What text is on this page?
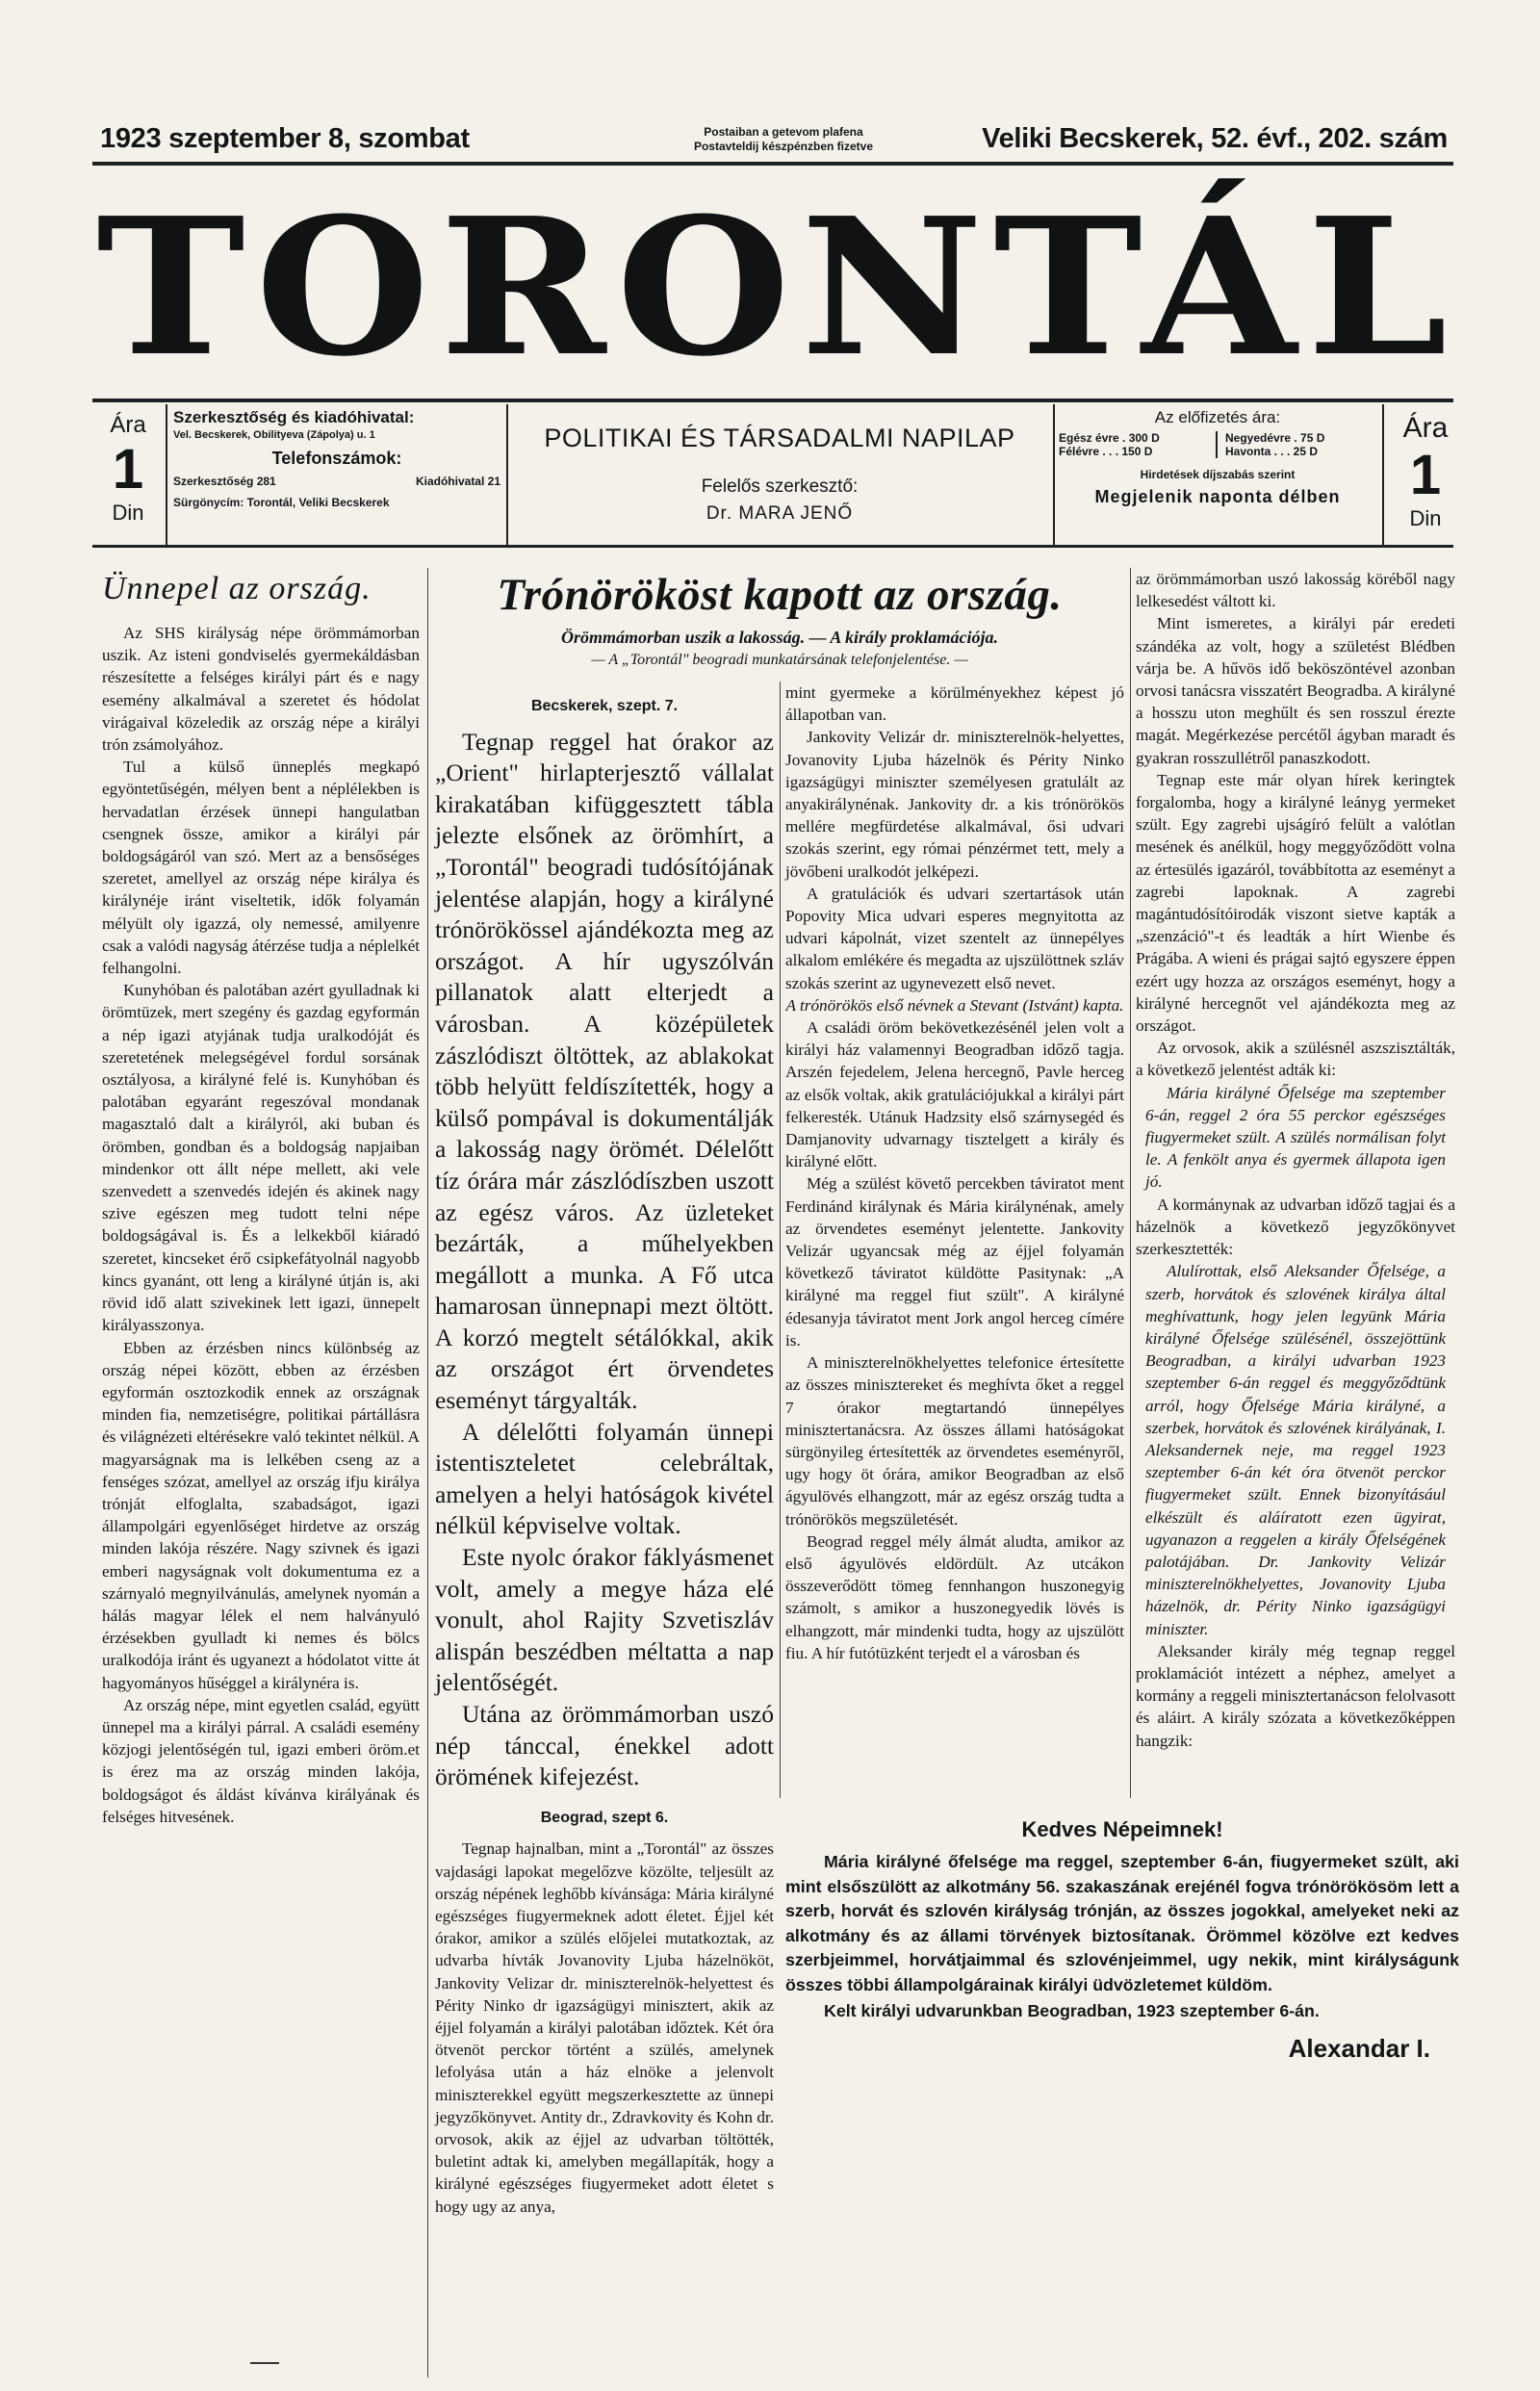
1923 szeptember 8, szombat	Postaiban a getevom plafena
Postavteldij készpénzben fizetve	Veliki Becskerek, 52. évf., 202. szám
TORONTÁL
Ára
1
Din
Szerkesztőség és kiadóhivatal:
Vel. Becskerek, Obilityeva (Zápolya) u. 1
Telefonszámok:
Szerkesztőség 281	Kiadóhivatal 21
Sürgönycím: Torontál, Veliki Becskerek
POLITIKAI ÉS TÁRSADALMI NAPILAP
Felelős szerkesztő:
Dr. MARA JENŐ
Az előfizetés ára:
Egész évre . 300 D	Negyedévre . 75 D
Félévre . . . 150 D	Havonta . . . 25 D
Hirdetések díjszabás szerint
Megjelenik naponta délben
Ára
1
Din

Ünnepel az ország.

Az SHS királyság népe örömmámorban uszik. Az isteni gondviselés gyermekáldásban részesítette a felséges királyi párt és e nagy esemény alkalmával a szeretet és hódolat virágaival közeledik az ország népe a királyi trón zsámolyához.

Tul a külső ünneplés megkapó egyöntetűségén, mélyen bent a néplélekben is hervadatlan érzések ünnepi hangulatban csengnek össze, amikor a királyi pár boldogságáról van szó. Mert az a bensőséges szeretet, amellyel az ország népe királya és királynéje iránt viseltetik, idők folyamán mélyült oly igazzá, oly nemessé, amilyenre csak a valódi nagyság átérzése tudja a néplelkét felhangolni.

Kunyhóban és palotában azért gyulladnak ki örömtüzek, mert szegény és gazdag egyformán a nép igazi atyjának tudja uralkodóját és szeretetének melegségével fordul sorsának osztályosa, a királyné felé is. Kunyhóban és palotában egyaránt regeszóval mondanak magasztaló dalt a királyról, aki buban és örömben, gondban és a boldogság napjaiban mindenkor ott állt népe mellett, aki vele szenvedett a szenvedés idején és akinek nagy szive egészen meg tudott telni népe boldogságával is. És a lelkekből kiáradó szeretet, kincseket érő csipkefátyolnál nagyobb kincs gyanánt, ott leng a királyné útján is, aki rövid idő alatt szivekinek lett igazi, ünnepelt királyasszonya.

Ebben az érzésben nincs különbség az ország népei között, ebben az érzésben egyformán osztozkodik ennek az országnak minden fia, nemzetiségre, politikai pártállásra és világnézeti eltérésekre való tekintet nélkül. A magyarságnak ma is lelkében cseng az a fenséges szózat, amellyel az ország ifju királya trónját elfoglalta, szabadságot, igazi állampolgári egyenlőséget hirdetve az ország minden lakója részére. Nagy szivnek és igazi emberi nagyságnak volt dokumentuma ez a szárnyaló megnyilvánulás, amelynek nyomán a hálás magyar lélek el nem halványuló érzésekben gyulladt ki nemes és bölcs uralkodója iránt és ugyanezt a hódolatot vitte át hagyományos hűséggel a királynéra is.

Az ország népe, mint egyetlen család, együtt ünnepel ma a királyi párral. A családi esemény közjogi jelentőségén tul, igazi emberi öröm.et is érez ma az ország minden lakója, boldogságot és áldást kívánva királyának és felséges hitvesének.

Trónörököst kapott az ország.
Örömmámorban uszik a lakosság. — A király proklamációja.
— A „Torontál" beogradi munkatársának telefonjelentése. —
Becskerek, szept. 7.

Tegnap reggel hat órakor az „Orient" hirlapterjesztő vállalat kirakatában kifüggesztett tábla jelezte elsőnek az örömhírt, a „Torontál" beogradi tudósítójának jelentése alapján, hogy a királyné trónörökössel ajándékozta meg az országot. A hír ugyszólván pillanatok alatt elterjedt a városban. A középületek zászlódiszt öltöttek, az ablakokat több helyütt feldíszítették, hogy a külső pompával is dokumentálják a lakosság nagy örömét. Délelőtt tíz órára már zászlódíszben uszott az egész város. Az üzleteket bezárták, a műhelyekben megállott a munka. A Fő utca hamarosan ünnepnapi mezt öltött. A korzó megtelt sétálókkal, akik az országot ért örvendetes eseményt tárgyalták.

A délelőtti folyamán ünnepi istentiszteletet celebráltak, amelyen a helyi hatóságok kivétel nélkül képviselve voltak.

Este nyolc órakor fáklyásmenet volt, amely a megye háza elé vonult, ahol Rajity Szvetiszláv alispán beszédben méltatta a nap jelentőségét.

Utána az örömmámorban uszó nép tánccal, énekkel adott örömének kifejezést.

Beograd, szept 6.

Tegnap hajnalban, mint a „Torontál" az összes vajdasági lapokat megelőzve közölte, teljesült az ország népének leghőbb kívánsága: Mária királyné egészséges fiugyermeknek adott életet. Éjjel két órakor, amikor a szülés előjelei mutatkoztak, az udvarba hívták Jovanovity Ljuba házelnököt, Jankovity Velizar dr. miniszterelnök-helyettest és Périty Ninko dr igazságügyi minisztert, akik az éjjel folyamán a királyi palotában időztek. Két óra ötvenöt perckor történt a szülés, amelynek lefolyása után a ház elnöke a jelenvolt miniszterekkel együtt megszerkesztette az ünnepi jegyzőkönyvet. Antity dr., Zdravkovity és Kohn dr. orvosok, akik az éjjel az udvarban töltötték, buletint adtak ki, amelyben megállapíták, hogy a királyné egészséges fiugyermeket adott életet s hogy ugy az anya,

mint gyermeke a körülményekhez képest jó állapotban van.

Jankovity Velizár dr. miniszterelnök-helyettes, Jovanovity Ljuba házelnök és Périty Ninko igazságügyi miniszter személyesen gratulált az anyakirálynénak. Jankovity dr. a kis trónörökös mellére megfürdetése alkalmával, ősi udvari szokás szerint, egy római pénzérmet tett, mely a jövőbeni uralkodót jelképezi.

A gratulációk és udvari szertartások után Popovity Mica udvari esperes megnyitotta az udvari kápolnát, vizet szentelt az ünnepélyes alkalom emlékére és megadta az ujszülöttnek szláv szokás szerint az ugynevezett első nevet.

A trónörökös első névnek a Stevant (Istvánt) kapta.

A családi öröm bekövetkezésénél jelen volt a királyi ház valamennyi Beogradban időző tagja. Arszén fejedelem, Jelena hercegnő, Pavle herceg az elsők voltak, akik gratulációjukkal a királyi párt felkeresték. Utánuk Hadzsity első szárnysegéd és Damjanovity udvarnagy tisztelgett a király és királyné előtt.

Még a szülést követő percekben táviratot ment Ferdinánd királynak és Mária királynénak, amely az örvendetes eseményt jelentette. Jankovity Velizár ugyancsak még az éjjel folyamán következő táviratot küldötte Pasitynak: „A királyné ma reggel fiut szült". A királyné édesanyja táviratot ment Jork angol herceg címére is.

A miniszterelnökhelyettes telefonice értesítette az összes minisztereket és meghívta őket a reggel 7 órakor megtartandó ünnepélyes minisztertanácsra. Az összes állami hatóságokat sürgönyileg értesítették az örvendetes eseményről, ugy hogy öt órára, amikor Beogradban az első ágyulövés elhangzott, már az egész ország tudta a trónörökös megszületését.

Beograd reggel mély álmát aludta, amikor az első ágyulövés eldördült. Az utcákon összeverődött tömeg fennhangon huszonegyig számolt, s amikor a huszonegyedik lövés is elhangzott, már mindenki tudta, hogy az ujszülött fiu. A hír futótüzként terjedt el a városban és

az örömmámorban uszó lakosság köréből nagy lelkesedést váltott ki.

Mint ismeretes, a királyi pár eredeti szándéka az volt, hogy a születést Blédben várja be. A hűvös idő beköszöntével azonban orvosi tanácsra visszatért Beogradba. A királyné a hosszu uton meghűlt és sen rosszul érezte magát. Megérkezése percétől ágyban maradt és gyakran rosszullétről panaszkodott.

Tegnap este már olyan hírek keringtek forgalomba, hogy a királyné leányg yermeket szült. Egy zagrebi ujságíró felült a valótlan mesének és anélkül, hogy meggyőződött volna az értesülés igazáról, továbbította az eseményt a zagrebi lapoknak. A zagrebi magántudósítóirodák viszont sietve kapták a „szenzáció"-t és leadták a hírt Wienbe és Prágába. A wieni és prágai sajtó egyszere éppen ezért ugy hozza az országos eseményt, hogy a királyné hercegnőt vel ajándékozta meg az országot.

Az orvosok, akik a szülésnél aszszisztálták, a következő jelentést adták ki:

Mária királyné Őfelsége ma szeptember 6-án, reggel 2 óra 55 perckor egészséges fiugyermeket szült. A szülés normálisan folyt le. A fenkölt anya és gyermek állapota igen jó.

A kormánynak az udvarban időző tagjai és a házelnök a következő jegyzőkönyvet szerkesztették:

Alulírottak, első Aleksander Őfelsége, a szerb, horvátok és szlovének királya által meghívattunk, hogy jelen legyünk Mária királyné Őfelsége szülésénél, összejöttünk Beogradban, a királyi udvarban 1923 szeptember 6-án reggel és meggyőződtünk arról, hogy Őfelsége Mária királyné, a szerbek, horvátok és szlovének királyának, I. Aleksandernek neje, ma reggel 1923 szeptember 6-án két óra ötvenöt perckor fiugyermeket szült. Ennek bizonyításául elkészült és aláíratott ezen ügyirat, ugyanazon a reggelen a király Őfelségének palotájában. Dr. Jankovity Velizár miniszterelnökhelyettes, Jovanovity Ljuba házelnök, dr. Périty Ninko igazságügyi miniszter.

Aleksander király még tegnap reggel proklamációt intézett a néphez, amelyet a kormány a reggeli minisztertanácson felolvasott és aláirt. A király szózata a következőképpen hangzik:

Kedves Népeimnek!
Mária királyné őfelsége ma reggel, szeptember 6-án, fiugyermeket szült, aki mint elsőszülött az alkotmány 56. szakaszának erejénél fogva trónörökösöm lett a szerb, horvát és szlovén királyság trónján, az összes jogokkal, amelyeket neki az alkotmány és az állami törvények biztosítanak. Örömmel közölve ezt kedves szerbjeimmel, horvátjaimmal és szlovénjeimmel, ugy nekik, mint királyságunk összes többi állampolgárainak királyi üdvözletemet küldöm.
Kelt királyi udvarunkban Beogradban, 1923 szeptember 6-án.
Alexandar I.
